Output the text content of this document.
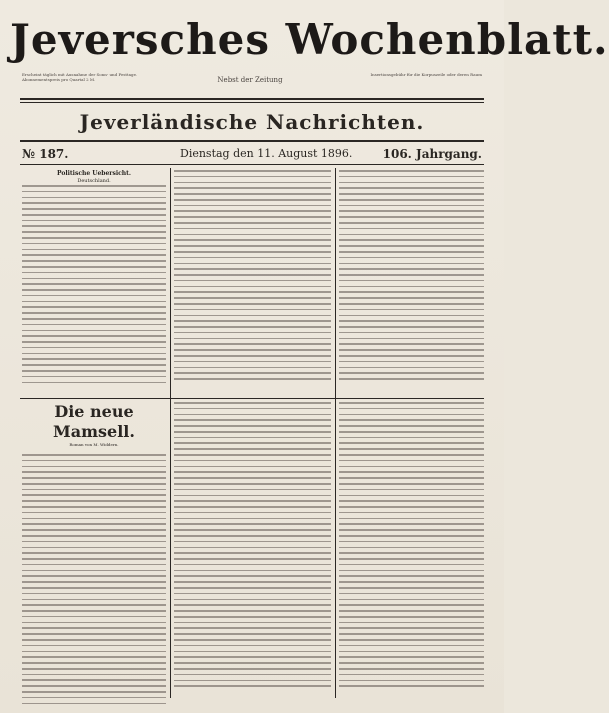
Jeversches Wochenblatt.
Erscheint täglich mit Ausnahme der Sonn- und Festtage. Abonnementspreis pro Quartal 2 M.	Nebst der Zeitung
Insertionsgebühr für die Korpuszeile oder deren Raum
Jeverländische Nachrichten.
№ 187.	Dienstag den 11. August 1896.	106. Jahrgang.
Politische Uebersicht.
Deutschland.
Die neue Mamsell.
Roman von M. Widdern.
